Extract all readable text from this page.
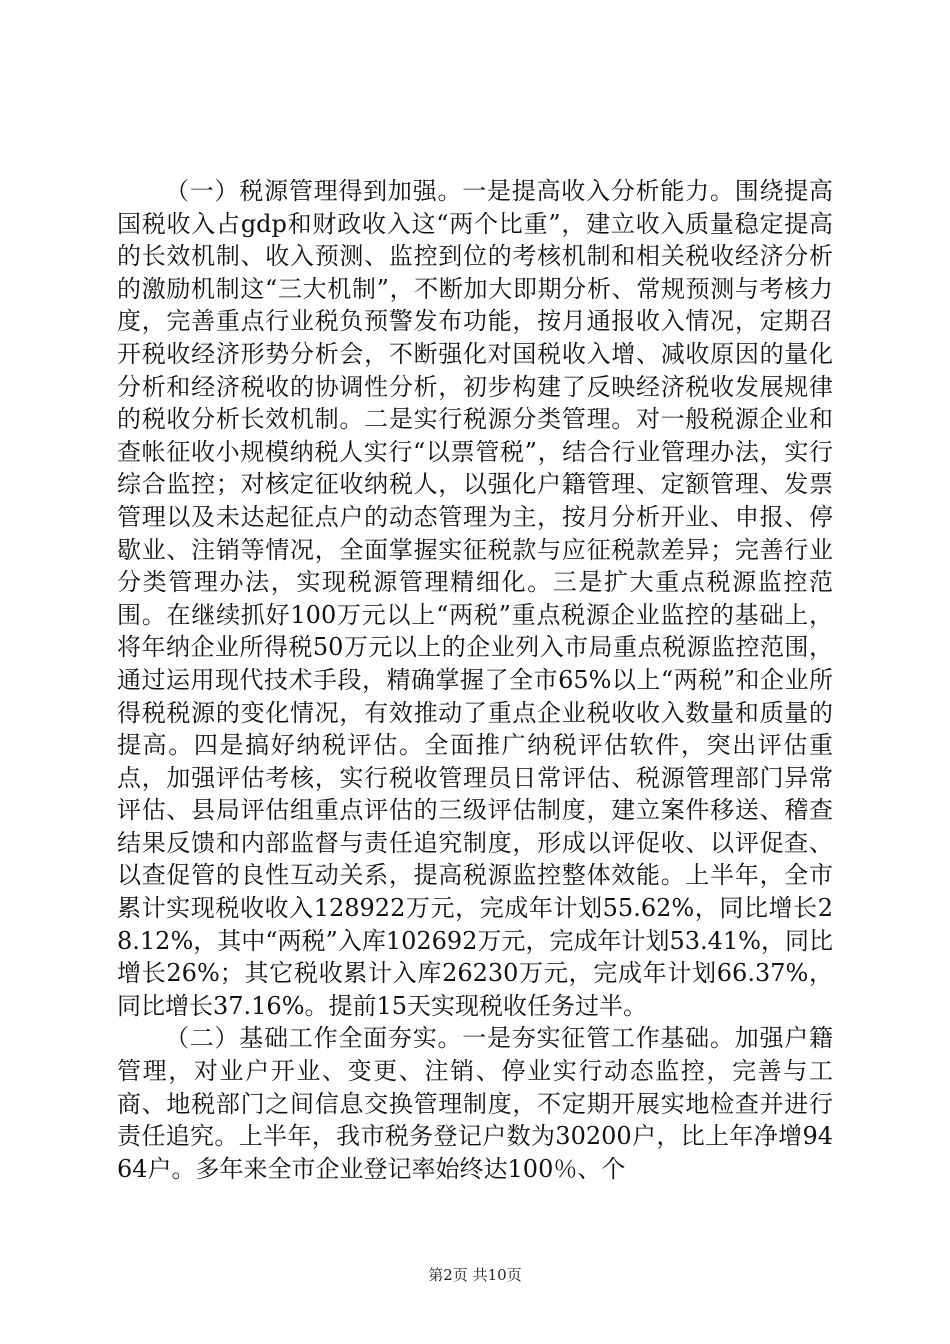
（一）税源管理得到加强。一是提高收入分析能力。围绕提高国税收入占gdp和财政收入这“两个比重”，建立收入质量稳定提高的长效机制、收入预测、监控到位的考核机制和相关税收经济分析的激励机制这“三大机制”，不断加大即期分析、常规预测与考核力度，完善重点行业税负预警发布功能，按月通报收入情况，定期召开税收经济形势分析会，不断强化对国税收入增、减收原因的量化分析和经济税收的协调性分析，初步构建了反映经济税收发展规律的税收分析长效机制。二是实行税源分类管理。对一般税源企业和查帐征收小规模纳税人实行“以票管税”，结合行业管理办法，实行综合监控；对核定征收纳税人，以强化户籍管理、定额管理、发票管理以及未达起征点户的动态管理为主，按月分析开业、申报、停歇业、注销等情况，全面掌握实征税款与应征税款差异；完善行业分类管理办法，实现税源管理精细化。三是扩大重点税源监控范围。在继续抓好100万元以上“两税”重点税源企业监控的基础上，将年纳企业所得税50万元以上的企业列入市局重点税源监控范围，通过运用现代技术手段，精确掌握了全市65%以上“两税”和企业所得税税源的变化情况，有效推动了重点企业税收收入数量和质量的提高。四是搞好纳税评估。全面推广纳税评估软件，突出评估重点，加强评估考核，实行税收管理员日常评估、税源管理部门异常评估、县局评估组重点评估的三级评估制度，建立案件移送、稽查结果反馈和内部监督与责任追究制度，形成以评促收、以评促查、以查促管的良性互动关系，提高税源监控整体效能。上半年，全市累计实现税收收入128922万元，完成年计划55.62%，同比增长28.12%，其中“两税”入库102692万元，完成年计划53.41%，同比增长26%；其它税收累计入库26230万元，完成年计划66.37%，同比增长37.16%。提前15天实现税收任务过半。

（二）基础工作全面夯实。一是夯实征管工作基础。加强户籍管理，对业户开业、变更、注销、停业实行动态监控，完善与工商、地税部门之间信息交换管理制度，不定期开展实地检查并进行责任追究。上半年，我市税务登记户数为30200户，比上年净增9464户。多年来全市企业登记率始终达100％、个

第2页 共10页
